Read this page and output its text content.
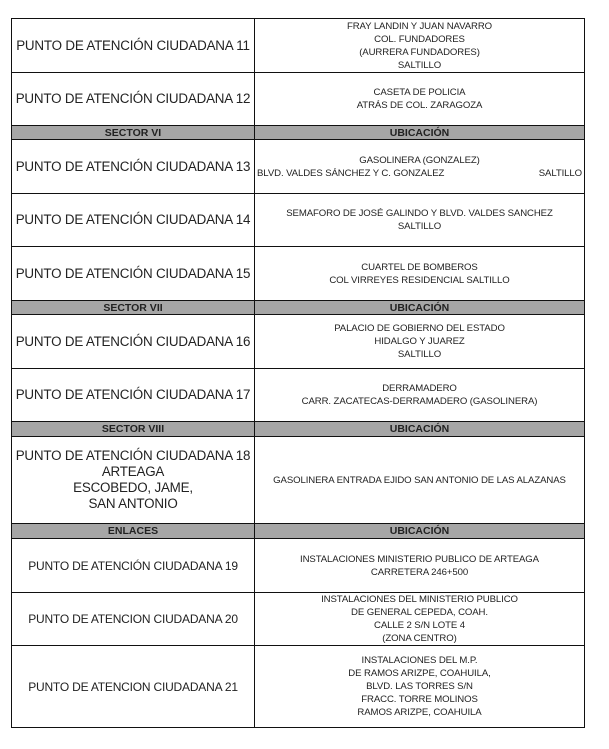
PUNTO DE ATENCIÓN CIUDADANA 11	FRAY LANDIN Y JUAN NAVARRO
COL. FUNDADORES
(AURRERA FUNDADORES)
SALTILLO

PUNTO DE ATENCIÓN CIUDADANA 12	CASETA DE POLICIA
ATRÁS DE COL. ZARAGOZA

SECTOR VI	UBICACIÓN

PUNTO DE ATENCIÓN CIUDADANA 13	GASOLINERA (GONZALEZ)
BLVD. VALDES SÁNCHEZ Y C. GONZALEZ SALTILLO

PUNTO DE ATENCIÓN CIUDADANA 14	SEMAFORO DE JOSÉ GALINDO Y BLVD. VALDES SANCHEZ
SALTILLO

PUNTO DE ATENCIÓN CIUDADANA 15	CUARTEL DE BOMBEROS
COL VIRREYES RESIDENCIAL SALTILLO

SECTOR VII	UBICACIÓN

PUNTO DE ATENCIÓN CIUDADANA 16	PALACIO DE GOBIERNO DEL ESTADO
HIDALGO Y JUAREZ
SALTILLO

PUNTO DE ATENCIÓN CIUDADANA 17	DERRAMADERO
CARR. ZACATECAS-DERRAMADERO (GASOLINERA)

SECTOR VIII	UBICACIÓN

PUNTO DE ATENCIÓN CIUDADANA 18
ARTEAGA
ESCOBEDO, JAME,
SAN ANTONIO	GASOLINERA ENTRADA EJIDO SAN ANTONIO DE LAS ALAZANAS

ENLACES	UBICACIÓN

PUNTO DE ATENCIÓN CIUDADANA 19	INSTALACIONES MINISTERIO PUBLICO DE ARTEAGA
CARRETERA 246+500

PUNTO DE ATENCION CIUDADANA 20	INSTALACIONES DEL MINISTERIO PUBLICO
DE GENERAL CEPEDA, COAH.
CALLE 2 S/N LOTE 4
(ZONA CENTRO)

PUNTO DE ATENCION CIUDADANA 21	INSTALACIONES DEL M.P.
DE RAMOS ARIZPE, COAHUILA,
BLVD. LAS TORRES S/N
FRACC. TORRE MOLINOS
RAMOS ARIZPE, COAHUILA
